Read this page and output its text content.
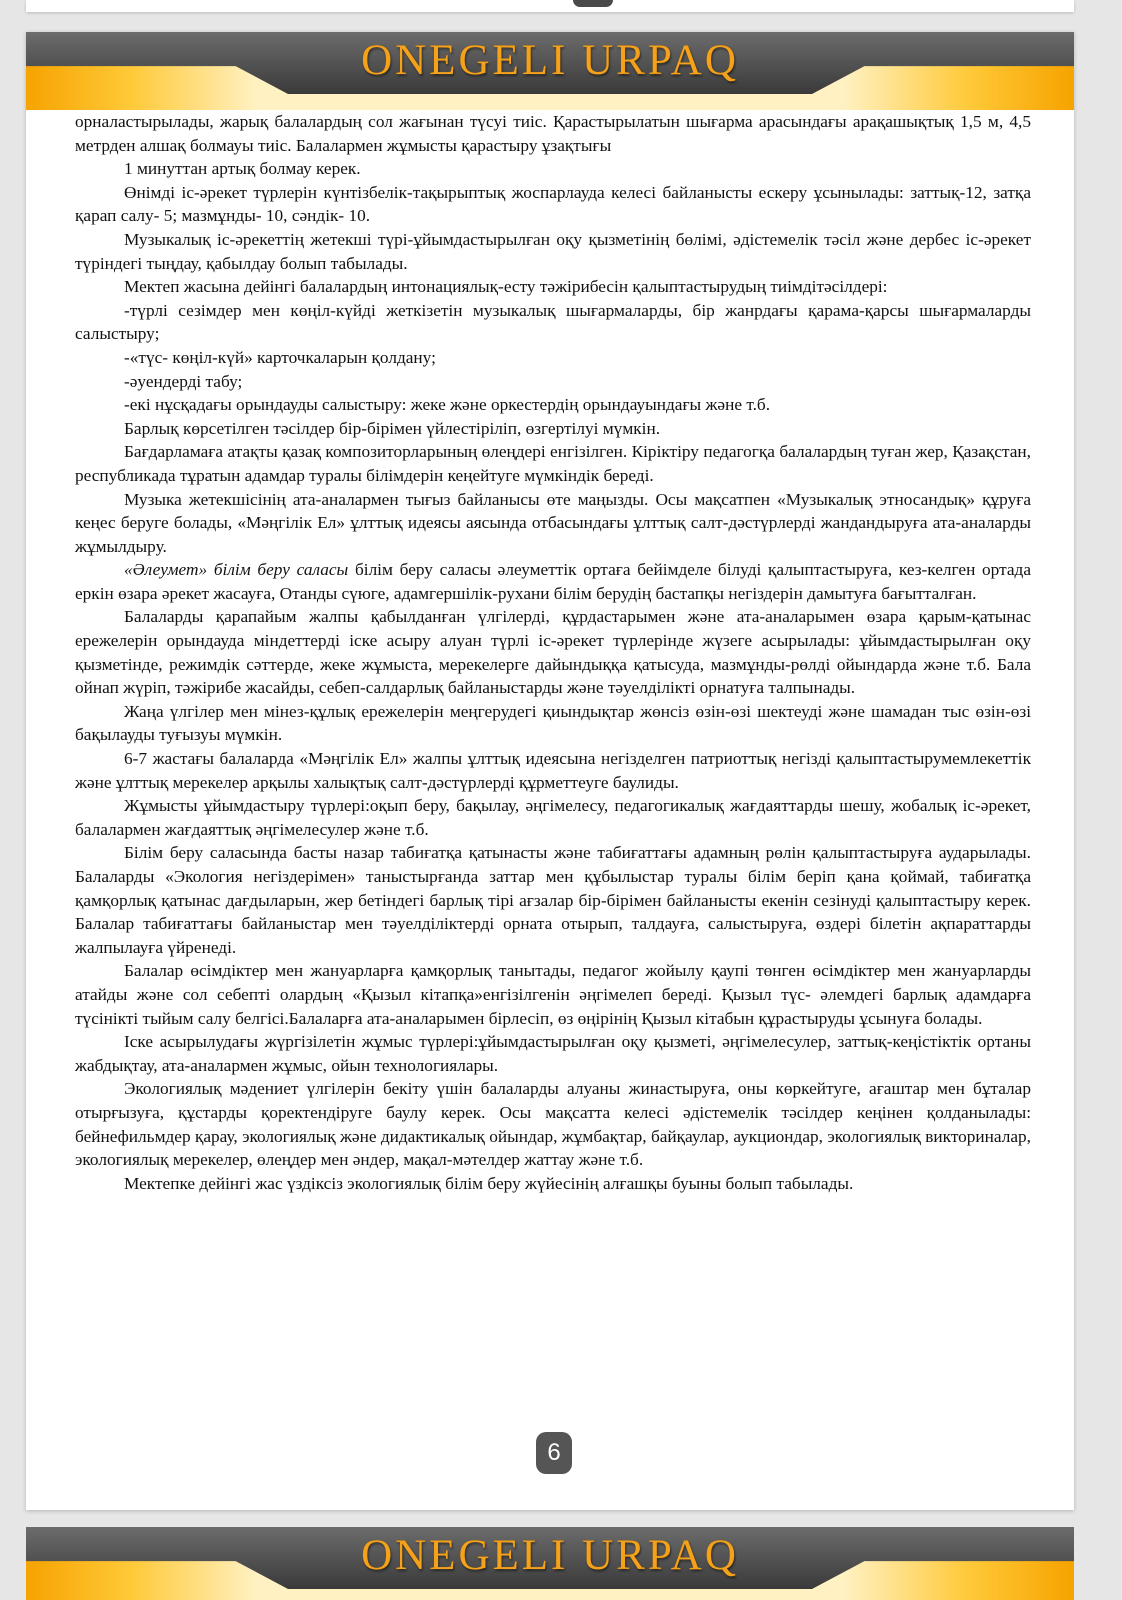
ONEGELI URPAQ

орналастырылады, жарық балалардың сол жағынан түсуі тиіс. Қарастырылатын шығарма арасындағы арақашықтық 1,5 м, 4,5 метрден алшақ болмауы тиіс. Балалармен жұмысты қарастыру ұзақтығы

1 минуттан артық болмау керек.

Өнімді іс-әрекет түрлерін күнтізбелік-тақырыптық жоспарлауда келесі байланысты ескеру ұсынылады: заттық-12, затқа қарап салу- 5; мазмұнды- 10, сәндік- 10.

Музыкалық іс-әрекеттің жетекші түрі-ұйымдастырылған оқу қызметінің бөлімі, әдістемелік тәсіл және дербес іс-әрекет түріндегі тыңдау, қабылдау болып табылады.

Мектеп жасына дейінгі балалардың интонациялық-есту тәжірибесін қалыптастырудың тиімдітәсілдері:

-түрлі сезімдер мен көңіл-күйді жеткізетін музыкалық шығармаларды, бір жанрдағы қарама-қарсы шығармаларды салыстыру;

-«түс- көңіл-күй» карточкаларын қолдану;

-әуендерді табу;

-екі нұсқадағы орындауды салыстыру: жеке және оркестердің орындауындағы және т.б.

Барлық көрсетілген тәсілдер бір-бірімен үйлестіріліп, өзгертілуі мүмкін.

Бағдарламаға атақты қазақ композиторларының өлеңдері енгізілген. Кіріктіру педагогқа балалардың туған жер, Қазақстан, республикада тұратын адамдар туралы білімдерін кеңейтуге мүмкіндік береді.

Музыка жетекшісінің ата-аналармен тығыз байланысы өте маңызды. Осы мақсатпен «Музыкалық этносандық» құруға кеңес беруге болады, «Мәңгілік Ел» ұлттық идеясы аясында отбасындағы ұлттық салт-дәстүрлерді жандандыруға ата-аналарды жұмылдыру.

«Әлеумет» білім беру саласы білім беру саласы әлеуметтік ортаға бейімделе білуді қалыптастыруға, кез-келген ортада еркін өзара әрекет жасауға, Отанды сүюге, адамгершілік-рухани білім берудің бастапқы негіздерін дамытуға бағытталған.

Балаларды қарапайым жалпы қабылданған үлгілерді, құрдастарымен және ата-аналарымен өзара қарым-қатынас ережелерін орындауда міндеттерді іске асыру алуан түрлі іс-әрекет түрлерінде жүзеге асырылады: ұйымдастырылған оқу қызметінде, режимдік сәттерде, жеке жұмыста, мерекелерге дайындыққа қатысуда, мазмұнды-рөлді ойындарда және т.б. Бала ойнап жүріп, тәжірибе жасайды, себеп-салдарлық байланыстарды және тәуелділікті орнатуға талпынады.

Жаңа үлгілер мен мінез-құлық ережелерін меңгерудегі қиындықтар жөнсіз өзін-өзі шектеуді және шамадан тыс өзін-өзі бақылауды туғызуы мүмкін.

6-7 жастағы балаларда «Мәңгілік Ел» жалпы ұлттық идеясына негізделген патриоттық негізді қалыптастырумемлекеттік және ұлттық мерекелер арқылы халықтық салт-дәстүрлерді құрметтеуге баулиды.

Жұмысты ұйымдастыру түрлері:оқып беру, бақылау, әңгімелесу, педагогикалық жағдаяттарды шешу, жобалық іс-әрекет, балалармен жағдаяттық әңгімелесулер және т.б.

Білім беру саласында басты назар табиғатқа қатынасты және табиғаттағы адамның рөлін қалыптастыруға аударылады. Балаларды «Экология негіздерімен» таныстырғанда заттар мен құбылыстар туралы білім беріп қана қоймай, табиғатқа қамқорлық қатынас дағдыларын, жер бетіндегі барлық тірі ағзалар бір-бірімен байланысты екенін сезінуді қалыптастыру керек. Балалар табиғаттағы байланыстар мен тәуелділіктерді орната отырып, талдауға, салыстыруға, өздері білетін ақпараттарды жалпылауға үйренеді.

Балалар өсімдіктер мен жануарларға қамқорлық танытады, педагог жойылу қаупі төнген өсімдіктер мен жануарларды атайды және сол себепті олардың «Қызыл кітапқа»енгізілгенін әңгімелеп береді. Қызыл түс- әлемдегі барлық адамдарға түсінікті тыйым салу белгісі.Балаларға ата-аналарымен бірлесіп, өз өңірінің Қызыл кітабын құрастыруды ұсынуға болады.

Іске асырылудағы жүргізілетін жұмыс түрлері:ұйымдастырылған оқу қызметі, әңгімелесулер, заттық-кеңістіктік ортаны жабдықтау, ата-аналармен жұмыс, ойын технологиялары.

Экологиялық мәдениет үлгілерін бекіту үшін балаларды алуаны жинастыруға, оны көркейтуге, ағаштар мен бұталар отырғызуға, құстарды қоректендіруге баулу керек. Осы мақсатта келесі әдістемелік тәсілдер кеңінен қолданылады: бейнефильмдер қарау, экологиялық және дидактикалық ойындар, жұмбақтар, байқаулар, аукциондар, экологиялық викториналар, экологиялық мерекелер, өлеңдер мен әндер, мақал-мәтелдер жаттау және т.б.

Мектепке дейінгі жас үздіксіз экологиялық білім беру жүйесінің алғашқы буыны болып табылады.

6
ONEGELI URPAQ
